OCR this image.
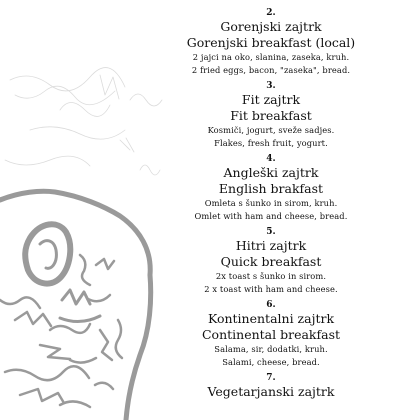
2.
Gorenjski zajtrk
Gorenjski breakfast (local)
2 jajci na oko, slanina, zaseka, kruh.
2 fried eggs, bacon, "zaseka", bread.
3.
Fit zajtrk
Fit breakfast
Kosmiči, jogurt, sveže sadjes.
Flakes, fresh fruit, yogurt.
4.
Angleški zajtrk
English brakfast
Omleta s šunko in sirom, kruh.
Omlet with ham and cheese, bread.
5.
Hitri zajtrk
Quick breakfast
2x toast s šunko in sirom.
2 x toast with ham and cheese.
6.
Kontinentalni zajtrk
Continental breakfast
Salama, sir, dodatki, kruh.
Salami, cheese, bread.
7.
Vegetarjanski zajtrk
